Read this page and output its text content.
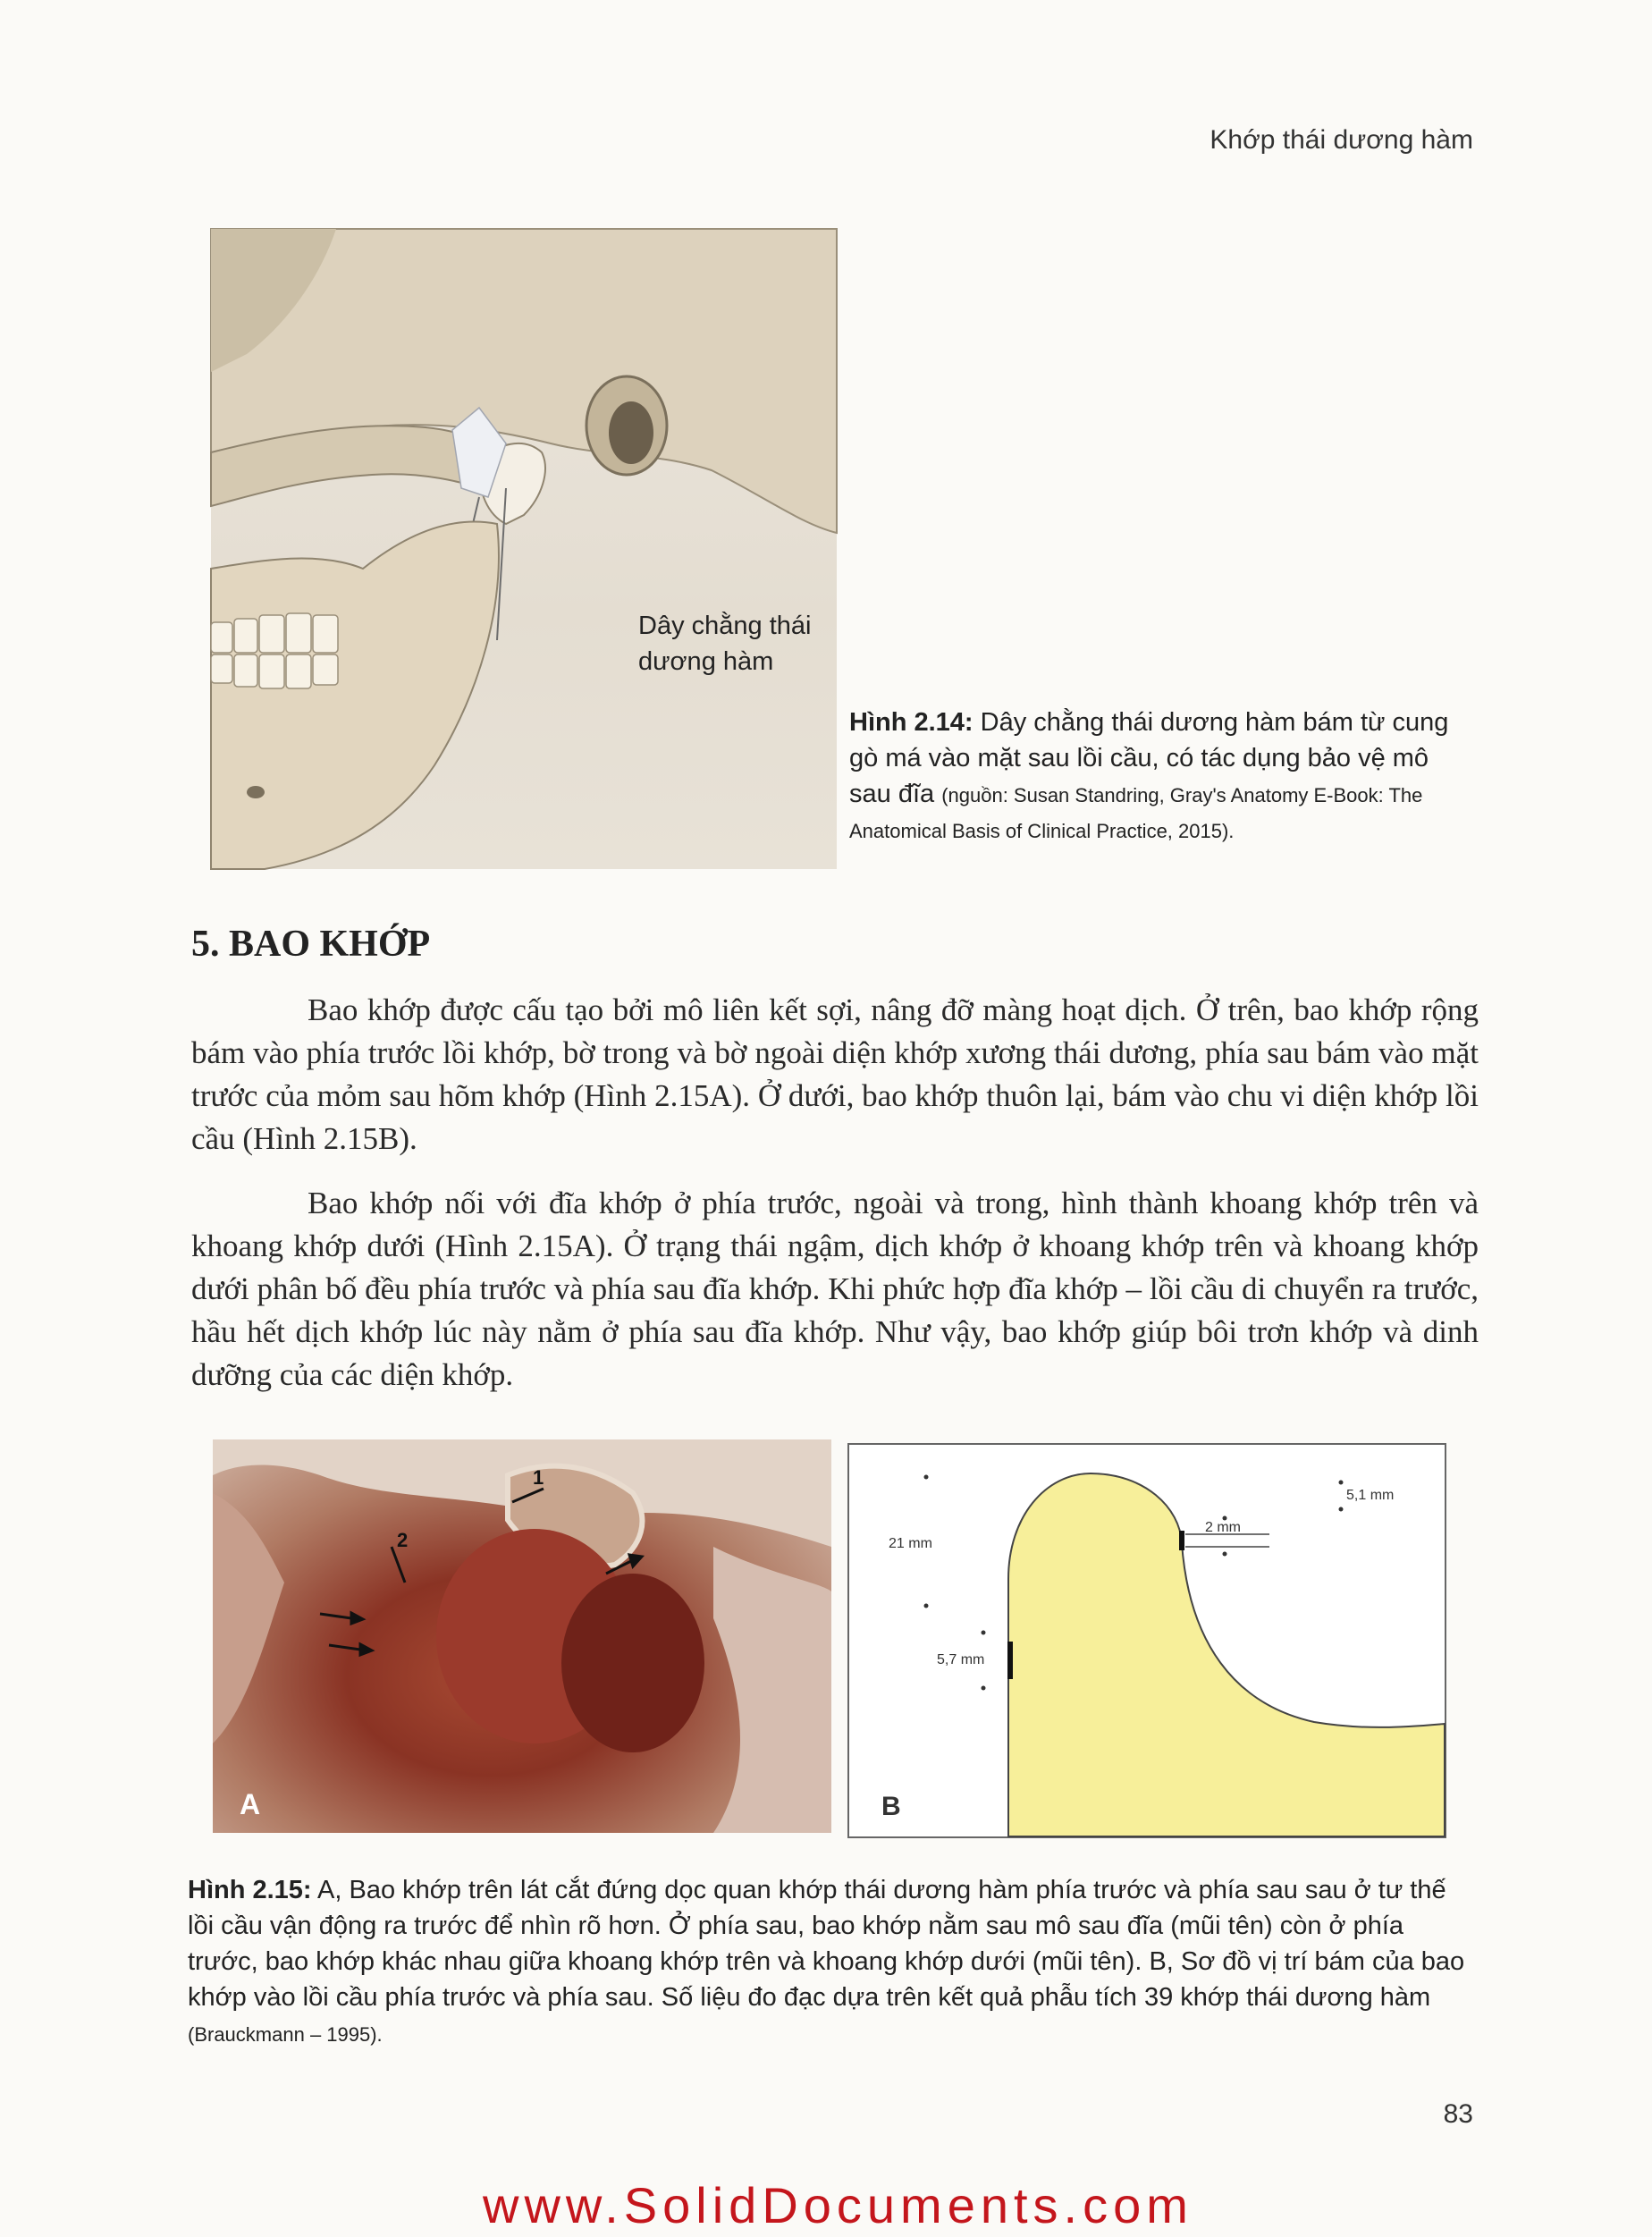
Khớp thái dương hàm
Dây chằng thái
dương hàm
Hình 2.14: Dây chằng thái dương hàm bám từ cung gò má vào mặt sau lồi cầu, có tác dụng bảo vệ mô sau đĩa (nguồn: Susan Standring, Gray's Anatomy E-Book: The Anatomical Basis of Clinical Practice, 2015).
5. BAO KHỚP
Bao khớp được cấu tạo bởi mô liên kết sợi, nâng đỡ màng hoạt dịch. Ở trên, bao khớp rộng bám vào phía trước lồi khớp, bờ trong và bờ ngoài diện khớp xương thái dương, phía sau bám vào mặt trước của mỏm sau hõm khớp (Hình 2.15A). Ở dưới, bao khớp thuôn lại, bám vào chu vi diện khớp lồi cầu (Hình 2.15B).
Bao khớp nối với đĩa khớp ở phía trước, ngoài và trong, hình thành khoang khớp trên và khoang khớp dưới (Hình 2.15A). Ở trạng thái ngậm, dịch khớp ở khoang khớp trên và khoang khớp dưới phân bố đều phía trước và phía sau đĩa khớp. Khi phức hợp đĩa khớp – lồi cầu di chuyển ra trước, hầu hết dịch khớp lúc này nằm ở phía sau đĩa khớp. Như vậy, bao khớp giúp bôi trơn khớp và dinh dưỡng của các diện khớp.
1
2
A
21 mm
2 mm
5,1 mm
5,7 mm
B
Hình 2.15: A, Bao khớp trên lát cắt đứng dọc quan khớp thái dương hàm phía trước và phía sau sau ở tư thế lồi cầu vận động ra trước để nhìn rõ hơn. Ở phía sau, bao khớp nằm sau mô sau đĩa (mũi tên) còn ở phía trước, bao khớp khác nhau giữa khoang khớp trên và khoang khớp dưới (mũi tên). B, Sơ đồ vị trí bám của bao khớp vào lồi cầu phía trước và phía sau. Số liệu đo đạc dựa trên kết quả phẫu tích 39 khớp thái dương hàm (Brauckmann – 1995).
83
www.SolidDocuments.com
